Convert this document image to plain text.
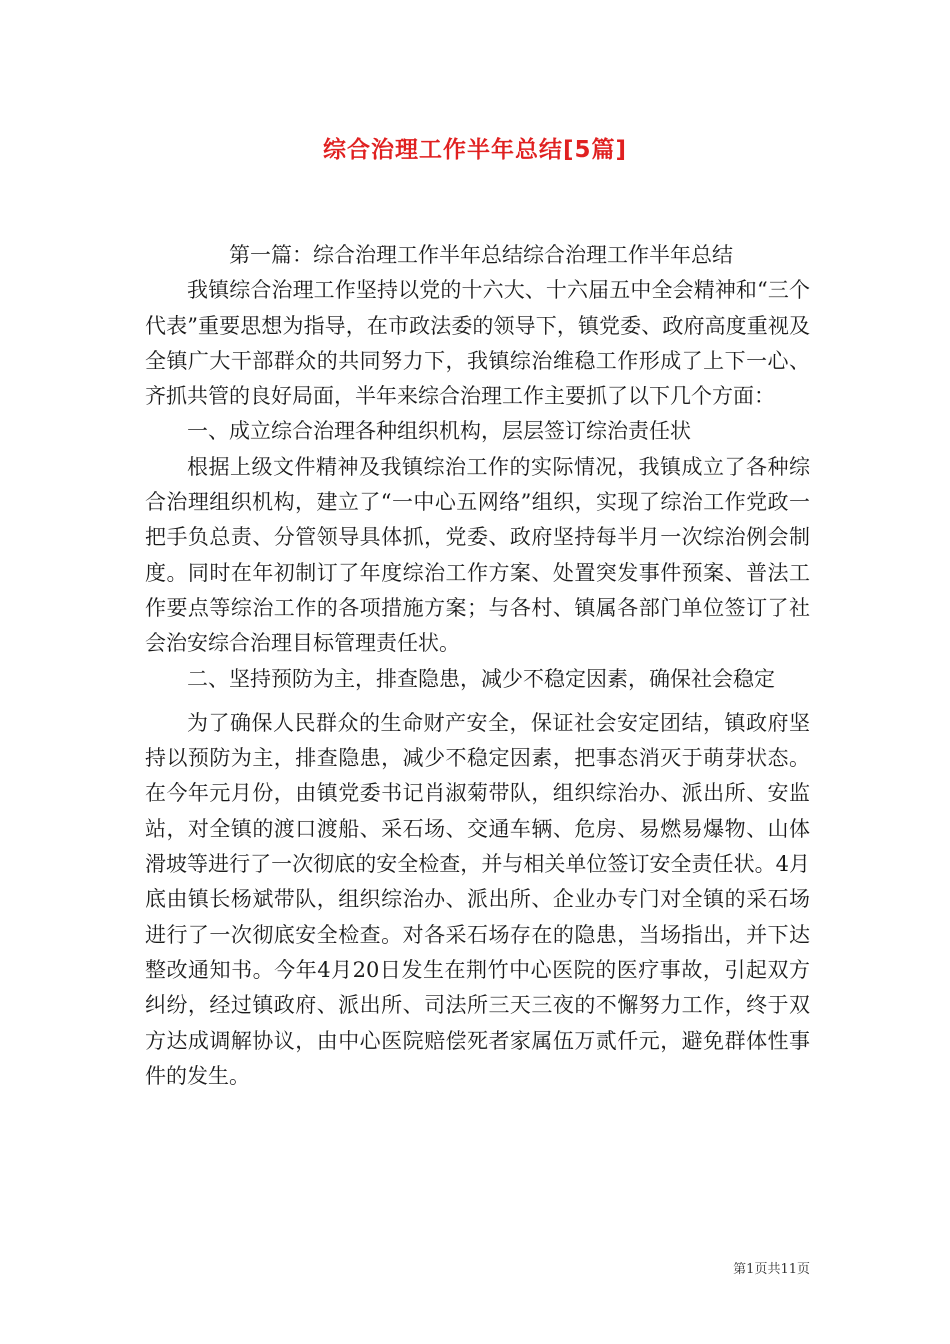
综合治理工作半年总结[5篇]

第一篇：综合治理工作半年总结综合治理工作半年总结

我镇综合治理工作坚持以党的十六大、十六届五中全会精神和“三个代表”重要思想为指导，在市政法委的领导下，镇党委、政府高度重视及全镇广大干部群众的共同努力下，我镇综治维稳工作形成了上下一心、齐抓共管的良好局面，半年来综合治理工作主要抓了以下几个方面：

一、成立综合治理各种组织机构，层层签订综治责任状

根据上级文件精神及我镇综治工作的实际情况，我镇成立了各种综合治理组织机构，建立了“一中心五网络”组织，实现了综治工作党政一把手负总责、分管领导具体抓，党委、政府坚持每半月一次综治例会制度。同时在年初制订了年度综治工作方案、处置突发事件预案、普法工作要点等综治工作的各项措施方案；与各村、镇属各部门单位签订了社会治安综合治理目标管理责任状。

二、坚持预防为主，排查隐患，减少不稳定因素，确保社会稳定

为了确保人民群众的生命财产安全，保证社会安定团结，镇政府坚持以预防为主，排查隐患，减少不稳定因素，把事态消灭于萌芽状态。在今年元月份，由镇党委书记肖淑菊带队，组织综治办、派出所、安监站，对全镇的渡口渡船、采石场、交通车辆、危房、易燃易爆物、山体滑坡等进行了一次彻底的安全检查，并与相关单位签订安全责任状。4月底由镇长杨斌带队，组织综治办、派出所、企业办专门对全镇的采石场进行了一次彻底安全检查。对各采石场存在的隐患，当场指出，并下达整改通知书。今年4月20日发生在荆竹中心医院的医疗事故，引起双方纠纷，经过镇政府、派出所、司法所三天三夜的不懈努力工作，终于双方达成调解协议，由中心医院赔偿死者家属伍万贰仟元，避免群体性事件的发生。

第1页共11页
